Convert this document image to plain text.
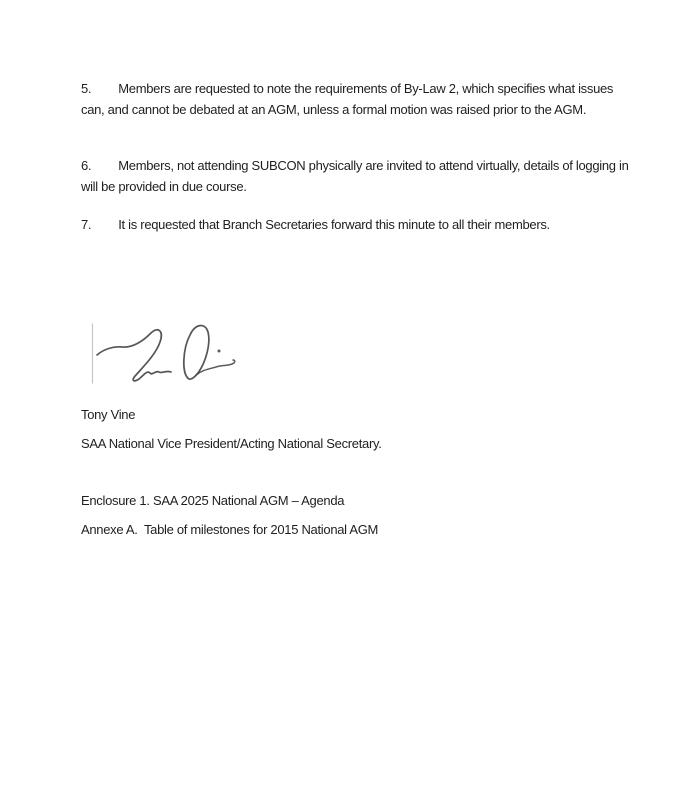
5. Members are requested to note the requirements of By-Law 2, which specifies what issues can, and cannot be debated at an AGM, unless a formal motion was raised prior to the AGM.
6. Members, not attending SUBCON physically are invited to attend virtually, details of logging in will be provided in due course.
7. It is requested that Branch Secretaries forward this minute to all their members.
Tony Vine
SAA National Vice President/Acting National Secretary.
Enclosure 1. SAA 2025 National AGM – Agenda
Annexe A.  Table of milestones for 2015 National AGM
